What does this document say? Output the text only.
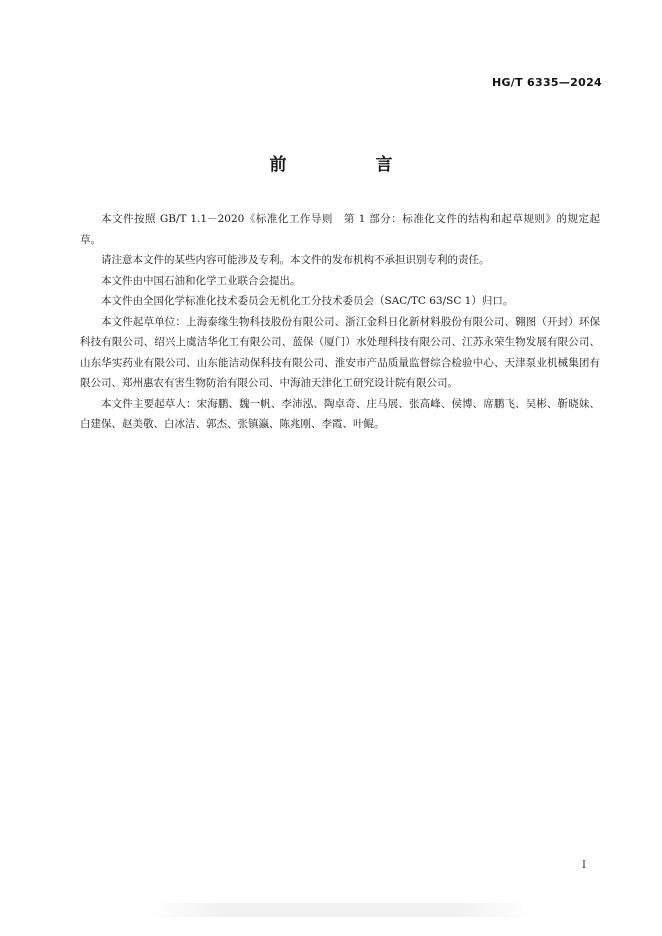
HG/T 6335—2024
前　言

本文件按照 GB/T 1.1－2020《标准化工作导则　第 1 部分：标准化文件的结构和起草规则》的规定起草。

请注意本文件的某些内容可能涉及专利。本文件的发布机构不承担识别专利的责任。

本文件由中国石油和化学工业联合会提出。

本文件由全国化学标准化技术委员会无机化工分技术委员会（SAC/TC 63/SC 1）归口。

本文件起草单位：上海泰缘生物科技股份有限公司、浙江金科日化新材料股份有限公司、翱图（开封）环保科技有限公司、绍兴上虞洁华化工有限公司、蓝保（厦门）水处理科技有限公司、江苏永荣生物发展有限公司、山东华实药业有限公司、山东能洁动保科技有限公司、淮安市产品质量监督综合检验中心、天津泵业机械集团有限公司、郑州惠农有害生物防治有限公司、中海油天津化工研究设计院有限公司。

本文件主要起草人：宋海鹏、魏一帆、李沛泓、陶卓奇、庄马展、张高峰、侯博、席鹏飞、吴彬、靳晓妹、白建保、赵美敬、白冰洁、郭杰、张镇瀛、陈兆刚、李霞、叶鲲。

I
